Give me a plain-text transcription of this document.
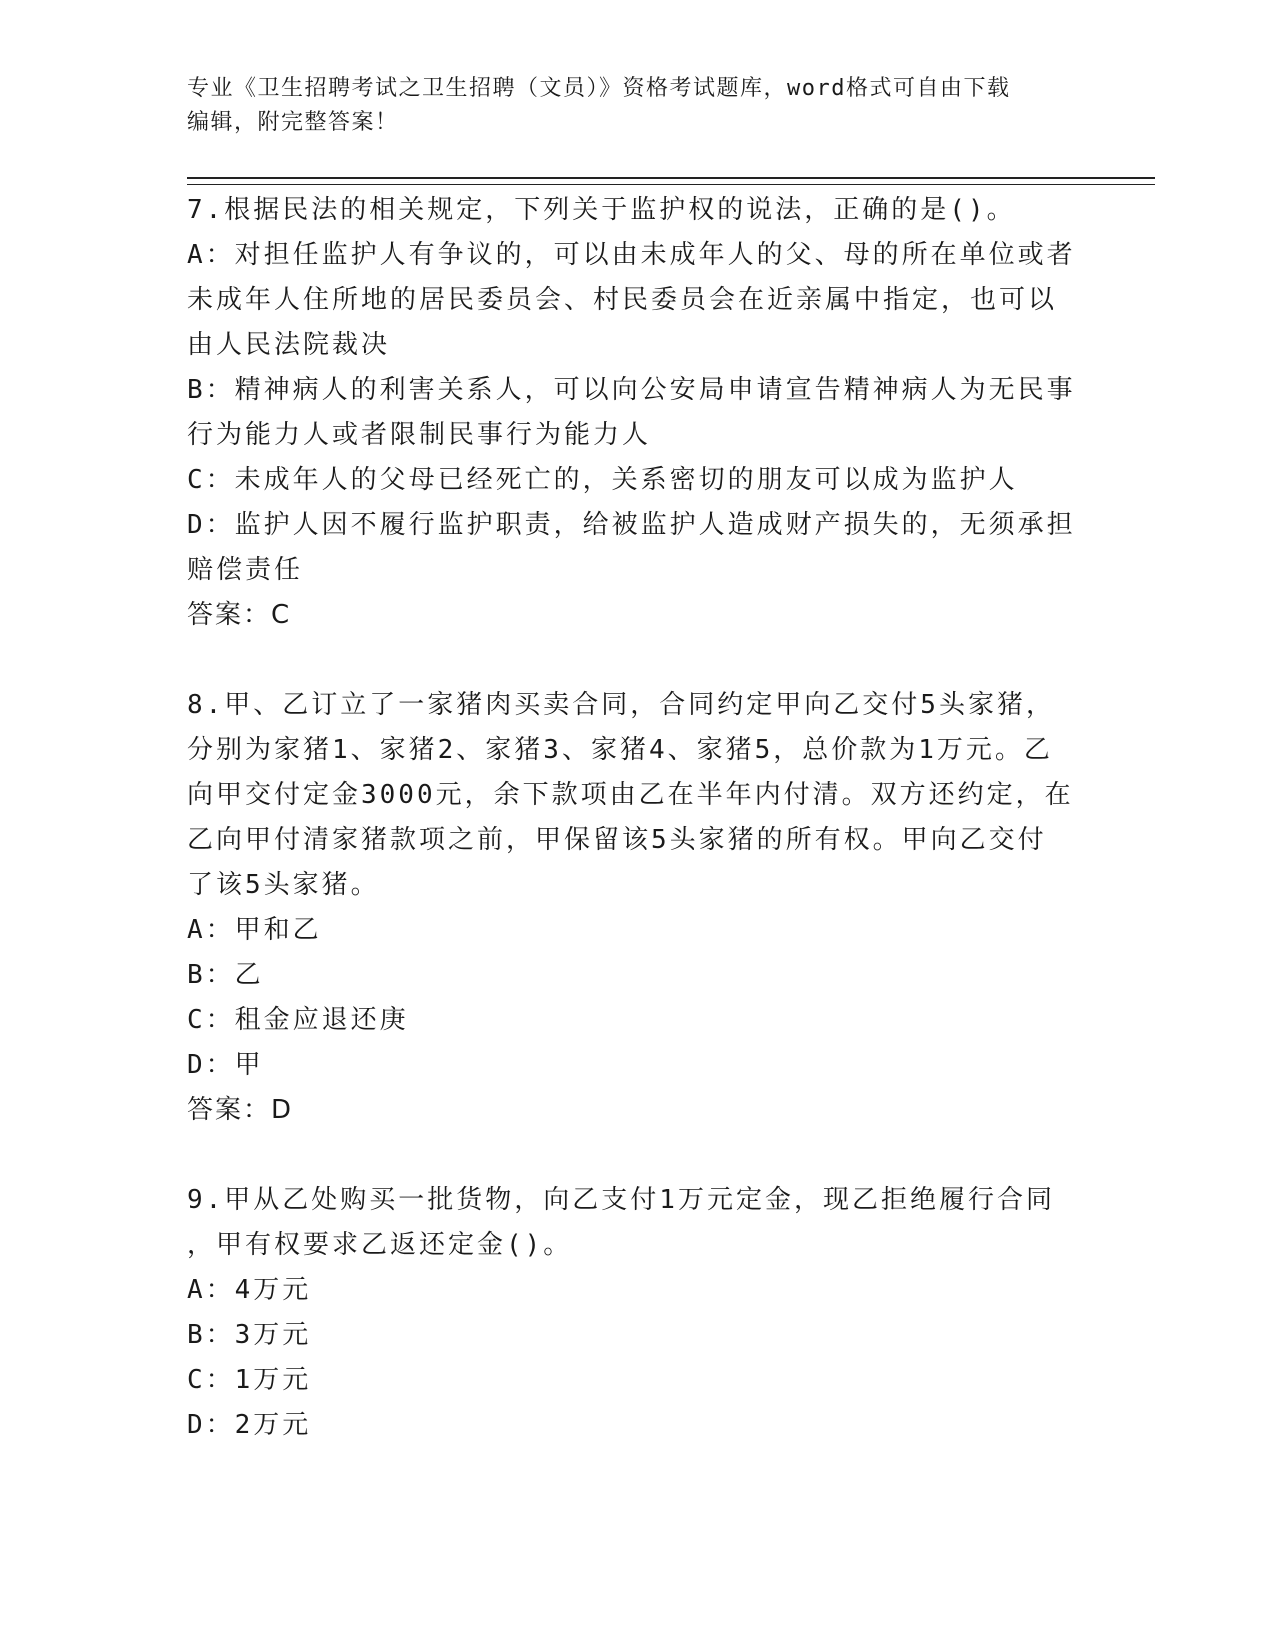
专业《卫生招聘考试之卫生招聘（文员）》资格考试题库，word格式可自由下载
编辑，附完整答案！

7.根据民法的相关规定，下列关于监护权的说法，正确的是()。

A：对担任监护人有争议的，可以由未成年人的父、母的所在单位或者

未成年人住所地的居民委员会、村民委员会在近亲属中指定，也可以

由人民法院裁决

B：精神病人的利害关系人，可以向公安局申请宣告精神病人为无民事

行为能力人或者限制民事行为能力人

C：未成年人的父母已经死亡的，关系密切的朋友可以成为监护人

D：监护人因不履行监护职责，给被监护人造成财产损失的，无须承担

赔偿责任

答案：C

8.甲、乙订立了一家猪肉买卖合同，合同约定甲向乙交付5头家猪，

分别为家猪1、家猪2、家猪3、家猪4、家猪5，总价款为1万元。乙

向甲交付定金3000元，余下款项由乙在半年内付清。双方还约定，在

乙向甲付清家猪款项之前，甲保留该5头家猪的所有权。甲向乙交付

了该5头家猪。

A：甲和乙

B：乙

C：租金应退还庚

D：甲

答案：D

9.甲从乙处购买一批货物，向乙支付1万元定金，现乙拒绝履行合同

，甲有权要求乙返还定金()。

A：4万元

B：3万元

C：1万元

D：2万元
